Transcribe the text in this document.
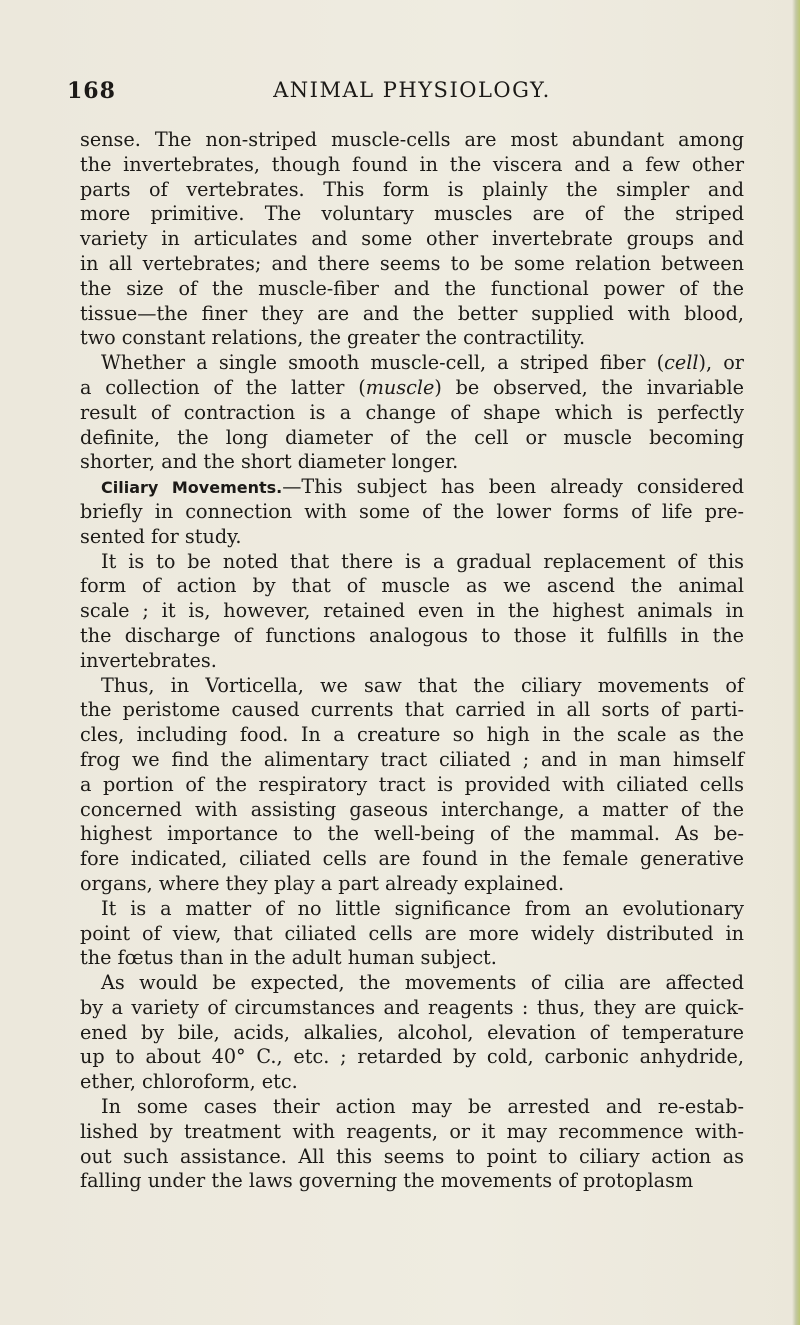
168	ANIMAL PHYSIOLOGY.
sense. The non-striped muscle-cells are most abundant among
the invertebrates, though found in the viscera and a few other
parts of vertebrates. This form is plainly the simpler and
more primitive. The voluntary muscles are of the striped
variety in articulates and some other invertebrate groups and
in all vertebrates; and there seems to be some relation between
the size of the muscle-fiber and the functional power of the
tissue—the finer they are and the better supplied with blood,
two constant relations, the greater the contractility.
Whether a single smooth muscle-cell, a striped fiber (cell), or
a collection of the latter (muscle) be observed, the invariable
result of contraction is a change of shape which is perfectly
definite, the long diameter of the cell or muscle becoming
shorter, and the short diameter longer.
Ciliary Movements.—This subject has been already considered
briefly in connection with some of the lower forms of life pre-
sented for study.
It is to be noted that there is a gradual replacement of this
form of action by that of muscle as we ascend the animal
scale ; it is, however, retained even in the highest animals in
the discharge of functions analogous to those it fulfills in the
invertebrates.
Thus, in Vorticella, we saw that the ciliary movements of
the peristome caused currents that carried in all sorts of parti-
cles, including food. In a creature so high in the scale as the
frog we find the alimentary tract ciliated ; and in man himself
a portion of the respiratory tract is provided with ciliated cells
concerned with assisting gaseous interchange, a matter of the
highest importance to the well-being of the mammal. As be-
fore indicated, ciliated cells are found in the female generative
organs, where they play a part already explained.
It is a matter of no little significance from an evolutionary
point of view, that ciliated cells are more widely distributed in
the fœtus than in the adult human subject.
As would be expected, the movements of cilia are affected
by a variety of circumstances and reagents : thus, they are quick-
ened by bile, acids, alkalies, alcohol, elevation of temperature
up to about 40° C., etc. ; retarded by cold, carbonic anhydride,
ether, chloroform, etc.
In some cases their action may be arrested and re-estab-
lished by treatment with reagents, or it may recommence with-
out such assistance. All this seems to point to ciliary action as
falling under the laws governing the movements of protoplasm
